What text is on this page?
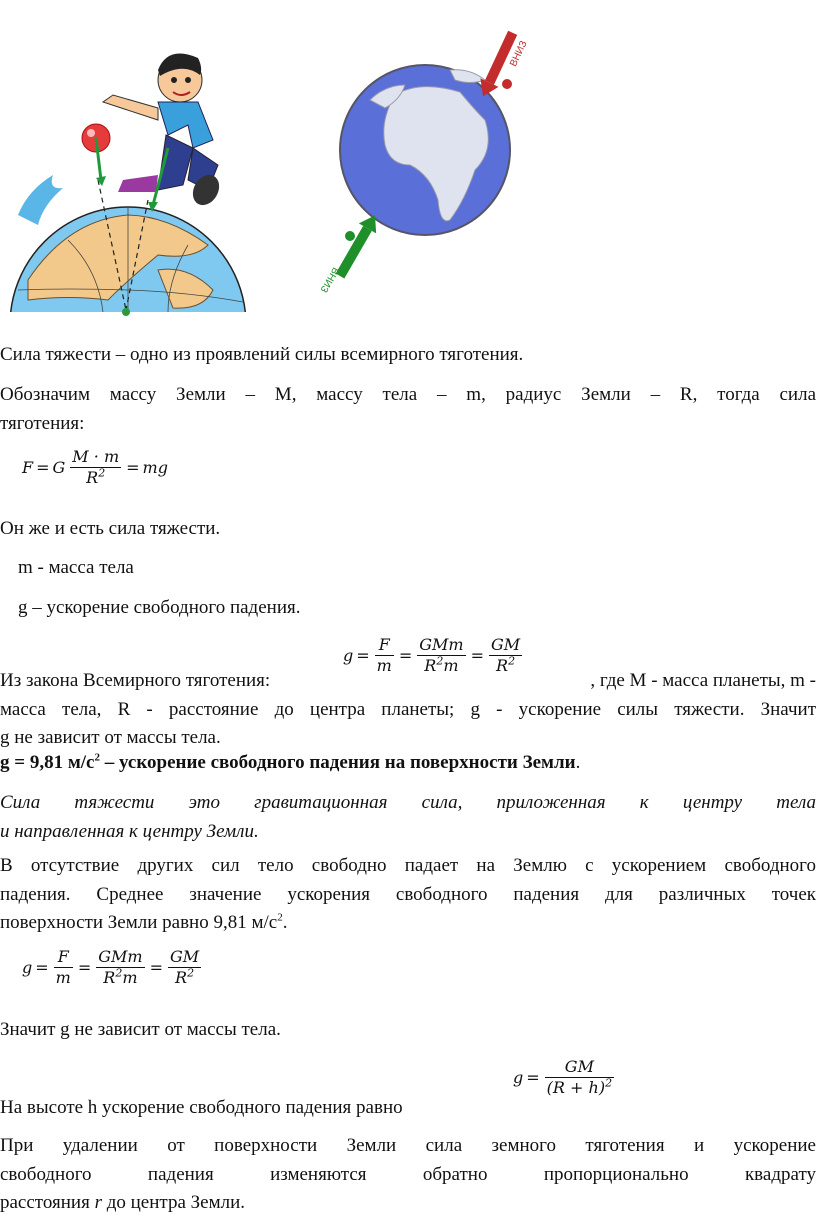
ВНИЗ
ВНИЗ

Сила тяжести – одно из проявлений силы всемирного тяготения.

Обозначим массу Земли – M, массу тела – m, радиус Земли – R, тогда сила

тяготения:

F = G $\frac{M \cdot m}{R^2}$ = mg

Он же и есть сила тяжести.

m - масса тела

g – ускорение свободного падения.

Из закона Всемирного тяготения:

$g = \frac{F}{m} = \frac{\text{GMm}}{R^2m} = \frac{GM}{R^2}$

, где M - масса планеты, m -

масса тела, R - расстояние до центра планеты; g - ускорение силы тяжести. Значит

g не зависит от массы тела.

g = 9,81 $м/с^2$ – ускорение свободного падения на поверхности Земли.

Сила тяжести это гравитационная сила, приложенная к центру тела

и направленная к центру Земли.

В отсутствие других сил тело свободно падает на Землю с ускорением свободного

падения. Среднее значение ускорения свободного падения для различных точек

поверхности Земли равно 9,81 $м/с^2$.

$g = \frac{F}{m} = \frac{\text{GMm}}{R^2m} = \frac{GM}{R^2}$

Значит g не зависит от массы тела.

На высоте h ускорение свободного падения равно

$g = \frac{GM}{(R + h)^2}$

При удалении от поверхности Земли сила земного тяготения и ускорение

свободного падения изменяются обратно пропорционально квадрату

расстояния r до центра Земли.
